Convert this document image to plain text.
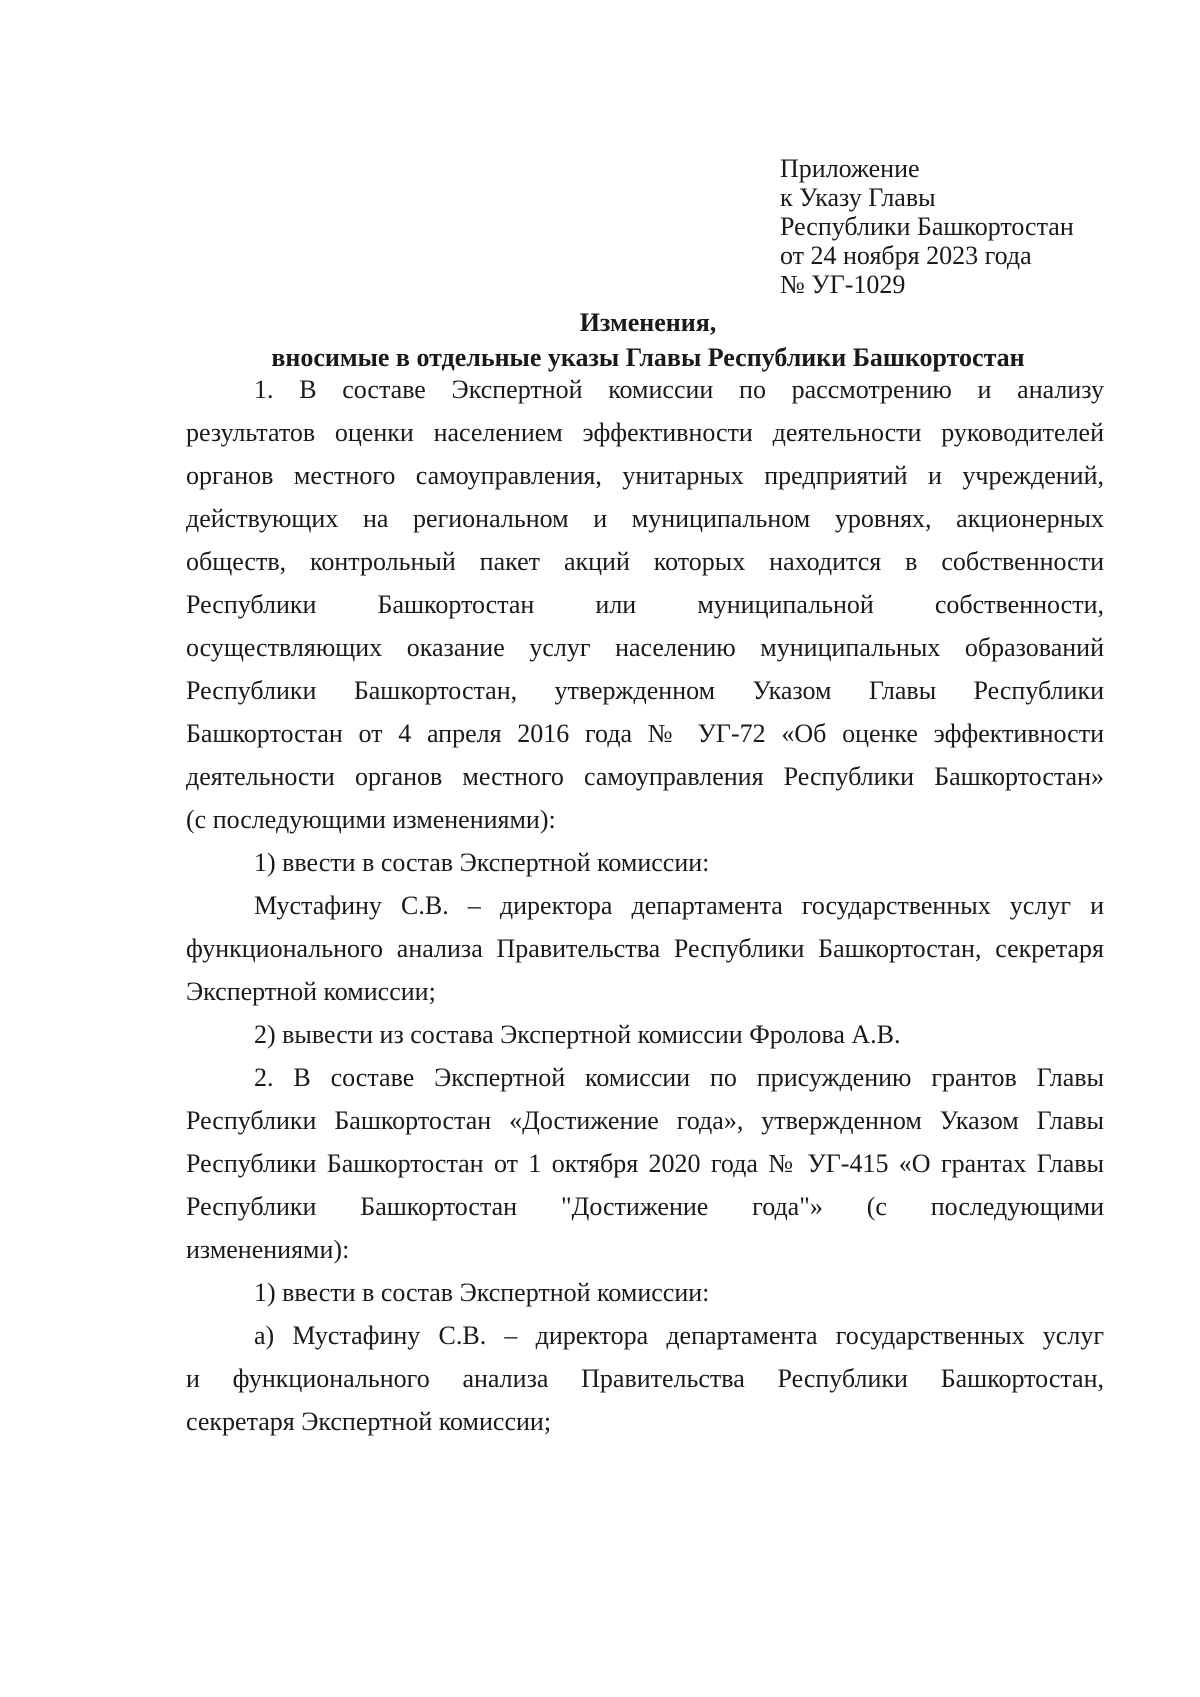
Приложение
к Указу Главы
Республики Башкортостан
от 24 ноября 2023 года
№ УГ-1029
Изменения,
вносимые в отдельные указы Главы Республики Башкортостан
1. В составе Экспертной комиссии по рассмотрению и анализу
результатов оценки населением эффективности деятельности руководителей
органов местного самоуправления, унитарных предприятий и учреждений,
действующих на региональном и муниципальном уровнях, акционерных
обществ, контрольный пакет акций которых находится в собственности
Республики Башкортостан или муниципальной собственности,
осуществляющих оказание услуг населению муниципальных образований
Республики Башкортостан, утвержденном Указом Главы Республики
Башкортостан от 4 апреля 2016 года № УГ-72 «Об оценке эффективности
деятельности органов местного самоуправления Республики Башкортостан»
(с последующими изменениями):
1) ввести в состав Экспертной комиссии:
Мустафину С.В. – директора департамента государственных услуг и
функционального анализа Правительства Республики Башкортостан, секретаря
Экспертной комиссии;
2) вывести из состава Экспертной комиссии Фролова А.В.
2. В составе Экспертной комиссии по присуждению грантов Главы
Республики Башкортостан «Достижение года», утвержденном Указом Главы
Республики Башкортостан от 1 октября 2020 года № УГ-415 «О грантах Главы
Республики Башкортостан "Достижение года"» (с последующими
изменениями):
1) ввести в состав Экспертной комиссии:
а) Мустафину С.В. – директора департамента государственных услуг
и функционального анализа Правительства Республики Башкортостан,
секретаря Экспертной комиссии;
